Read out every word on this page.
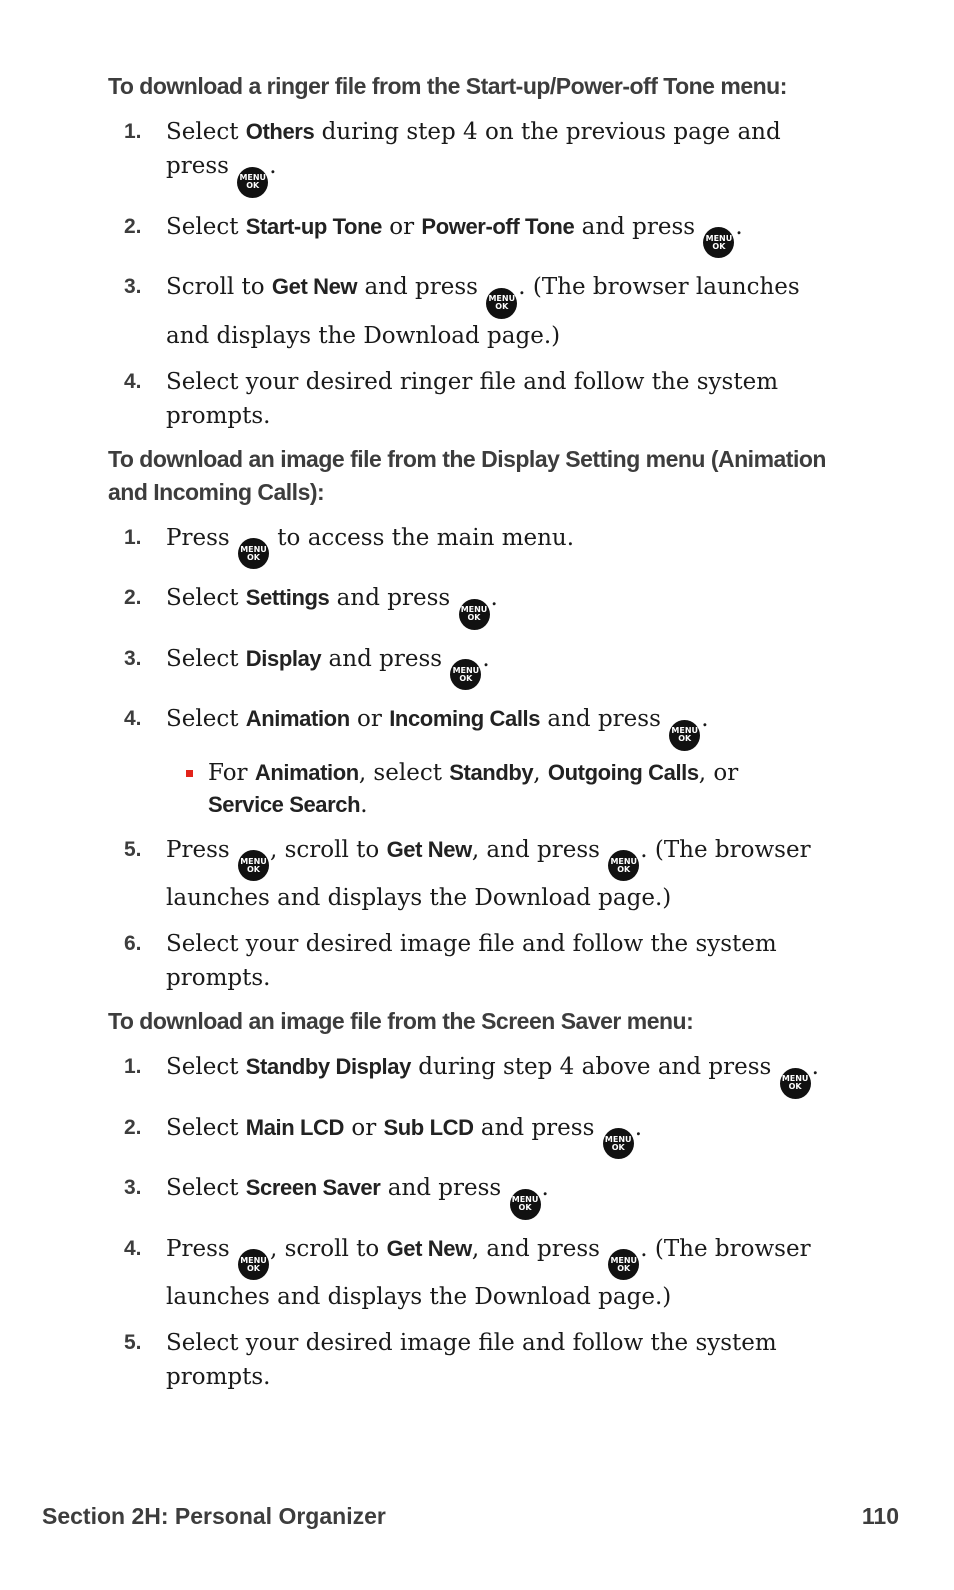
To download a ringer file from the Start-up/Power-off Tone menu:

1. Select Others during step 4 on the previous page and press MENU
OK
.
2. Select Start-up Tone or Power-off Tone and press MENU
OK
.
3. Scroll to Get New and press MENU
OK
. (The browser launches and displays the Download page.)
4. Select your desired ringer file and follow the system prompts.

To download an image file from the Display Setting menu (Animation and Incoming Calls):

1. Press MENU
OK
to access the main menu.
2. Select Settings and press MENU
OK
.
3. Select Display and press MENU
OK
.
4. Select Animation or Incoming Calls and press MENU
OK
.
For Animation, select Standby, Outgoing Calls, or
Service Search.
5. Press MENU
OK
, scroll to Get New, and press MENU
OK
. (The browser launches and displays the Download page.)
6. Select your desired image file and follow the system prompts.

To download an image file from the Screen Saver menu:

1. Select Standby Display during step 4 above and press MENU
OK
.
2. Select Main LCD or Sub LCD and press MENU
OK
.
3. Select Screen Saver and press MENU
OK
.
4. Press MENU
OK
, scroll to Get New, and press MENU
OK
. (The browser launches and displays the Download page.)
5. Select your desired image file and follow the system prompts.
Section 2H: Personal Organizer	110
